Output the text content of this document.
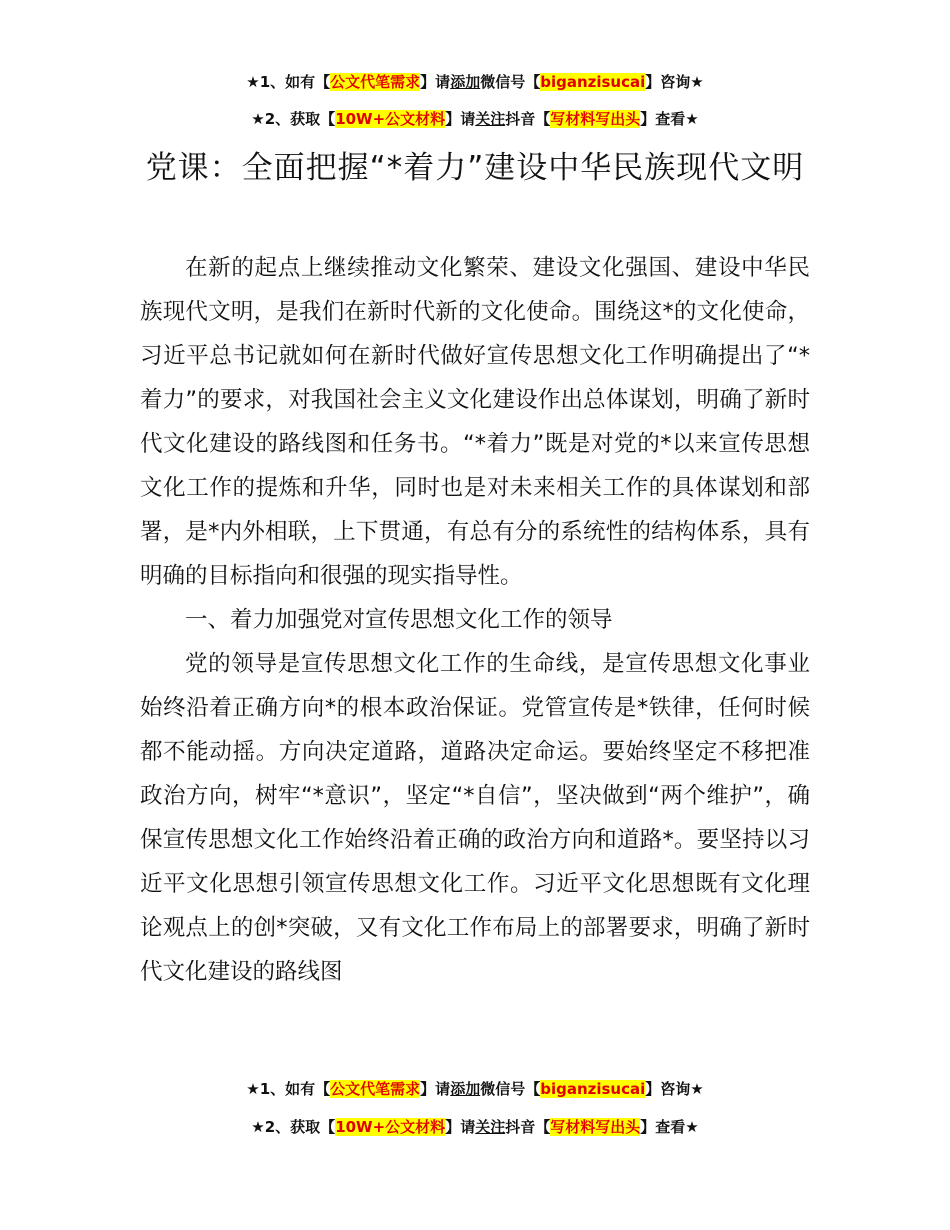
★1、如有【公文代笔需求】请添加微信号【biganzisucai】咨询★
★2、获取【10W+公文材料】请关注抖音【写材料写出头】查看★
党课：全面把握“*着力”建设中华民族现代文明

在新的起点上继续推动文化繁荣、建设文化强国、建设中华民族现代文明，是我们在新时代新的文化使命。围绕这*的文化使命，习近平总书记就如何在新时代做好宣传思想文化工作明确提出了“*着力”的要求，对我国社会主义文化建设作出总体谋划，明确了新时代文化建设的路线图和任务书。“*着力”既是对党的*以来宣传思想文化工作的提炼和升华，同时也是对未来相关工作的具体谋划和部署，是*内外相联，上下贯通，有总有分的系统性的结构体系，具有明确的目标指向和很强的现实指导性。

一、着力加强党对宣传思想文化工作的领导

党的领导是宣传思想文化工作的生命线，是宣传思想文化事业始终沿着正确方向*的根本政治保证。党管宣传是*铁律，任何时候都不能动摇。方向决定道路，道路决定命运。要始终坚定不移把准政治方向，树牢“*意识”，坚定“*自信”，坚决做到“两个维护”，确保宣传思想文化工作始终沿着正确的政治方向和道路*。要坚持以习近平文化思想引领宣传思想文化工作。习近平文化思想既有文化理论观点上的创*突破，又有文化工作布局上的部署要求，明确了新时代文化建设的路线图

★1、如有【公文代笔需求】请添加微信号【biganzisucai】咨询★
★2、获取【10W+公文材料】请关注抖音【写材料写出头】查看★
